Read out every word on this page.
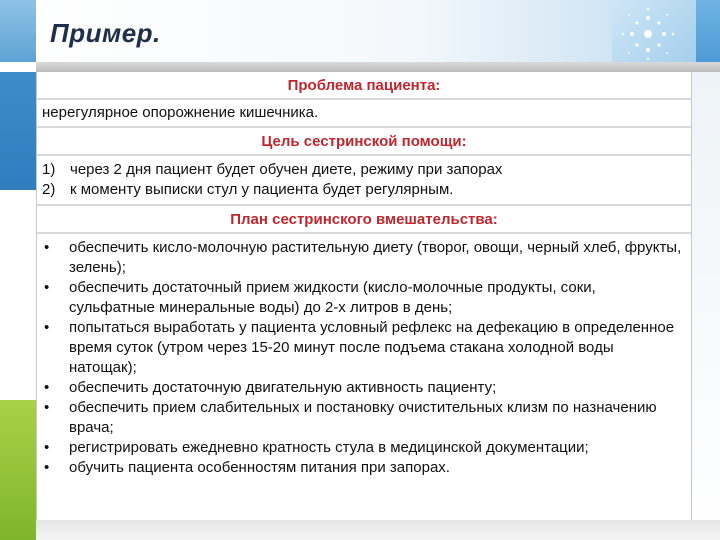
Пример.
Проблема пациента:
нерегулярное опорожнение кишечника.
Цель сестринской помощи:
1) через 2 дня пациент будет обучен диете, режиму при запорах
2) к моменту выписки стул у пациента будет регулярным.
План сестринского вмешательства:
•	обеспечить кисло-молочную растительную диету (творог, овощи, черный хлеб, фрукты, зелень);
•	обеспечить достаточный прием жидкости (кисло-молочные продукты, соки, сульфатные минеральные воды) до 2-х литров в день;
•	попытаться выработать у пациента условный рефлекс на дефекацию в определенное время суток (утром через 15-20 минут после подъема стакана холодной воды натощак);
•	обеспечить достаточную двигательную активность пациенту;
•	обеспечить прием слабительных и постановку очистительных клизм по назначению врача;
•	регистрировать ежедневно кратность стула в медицинской документации;
•	обучить пациента особенностям питания при запорах.
